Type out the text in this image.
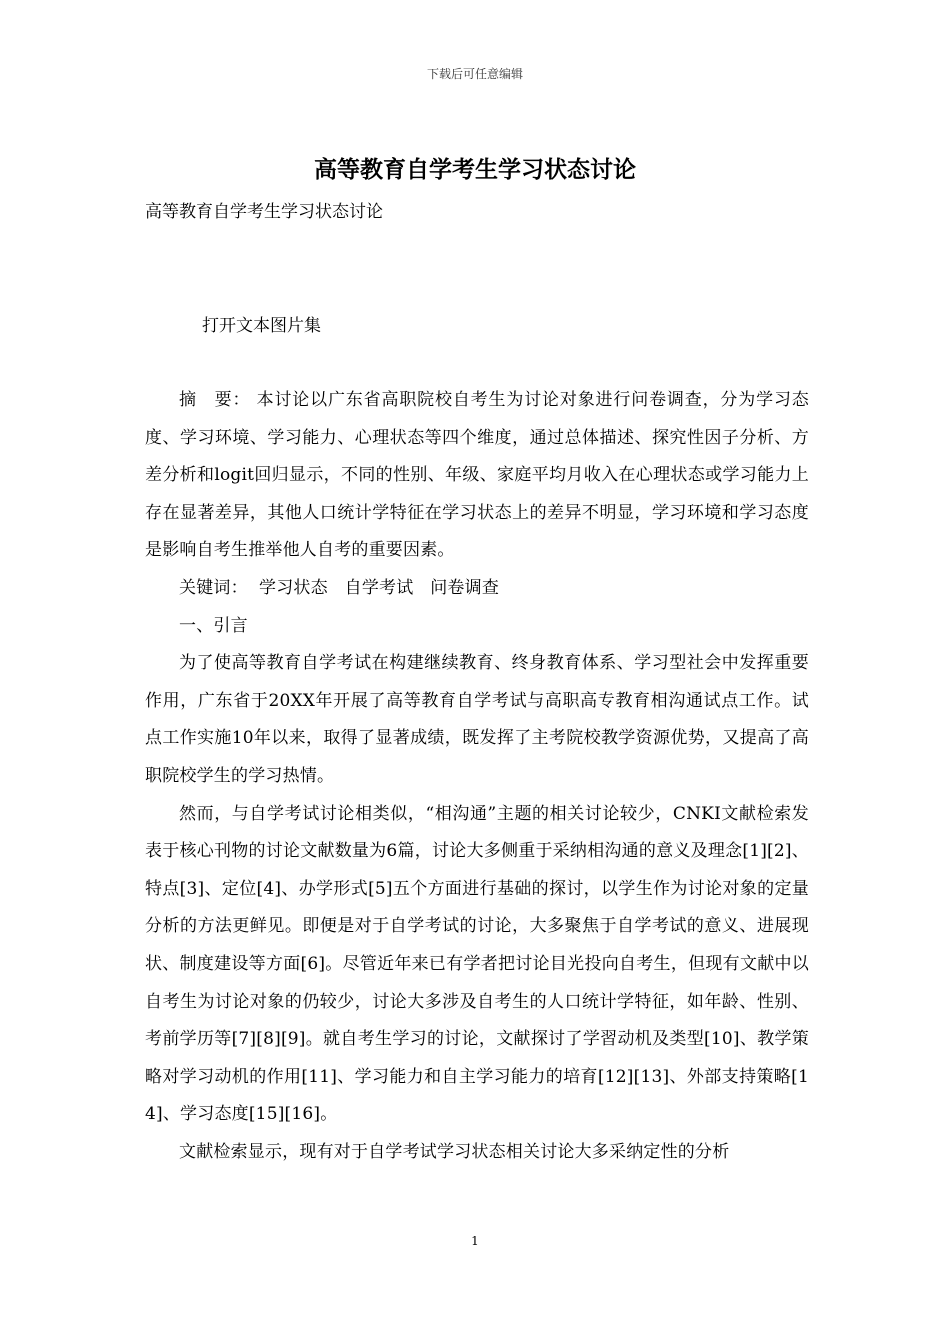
下载后可任意编辑
高等教育自学考生学习状态讨论
高等教育自学考生学习状态讨论
打开文本图片集

摘　要： 本讨论以广东省高职院校自考生为讨论对象进行问卷调查，分为学习态度、学习环境、学习能力、心理状态等四个维度，通过总体描述、探究性因子分析、方差分析和logit回归显示，不同的性别、年级、家庭平均月收入在心理状态或学习能力上存在显著差异，其他人口统计学特征在学习状态上的差异不明显，学习环境和学习态度是影响自考生推举他人自考的重要因素。

关键词：  学习状态   自学考试   问卷调查

一、引言

为了使高等教育自学考试在构建继续教育、终身教育体系、学习型社会中发挥重要作用，广东省于20XX年开展了高等教育自学考试与高职高专教育相沟通试点工作。试点工作实施10年以来，取得了显著成绩，既发挥了主考院校教学资源优势，又提高了高职院校学生的学习热情。

然而，与自学考试讨论相类似，“相沟通”主题的相关讨论较少，CNKI文献检索发表于核心刊物的讨论文献数量为6篇，讨论大多侧重于采纳相沟通的意义及理念[1][2]、特点[3]、定位[4]、办学形式[5]五个方面进行基础的探讨，以学生作为讨论对象的定量分析的方法更鲜见。即便是对于自学考试的讨论，大多聚焦于自学考试的意义、进展现状、制度建设等方面[6]。尽管近年来已有学者把讨论目光投向自考生，但现有文献中以自考生为讨论对象的仍较少，讨论大多涉及自考生的人口统计学特征，如年龄、性别、考前学历等[7][8][9]。就自考生学习的讨论，文献探讨了学習动机及类型[10]、教学策略对学习动机的作用[11]、学习能力和自主学习能力的培育[12][13]、外部支持策略[14]、学习态度[15][16]。

文献检索显示，现有对于自学考试学习状态相关讨论大多采纳定性的分析

1
